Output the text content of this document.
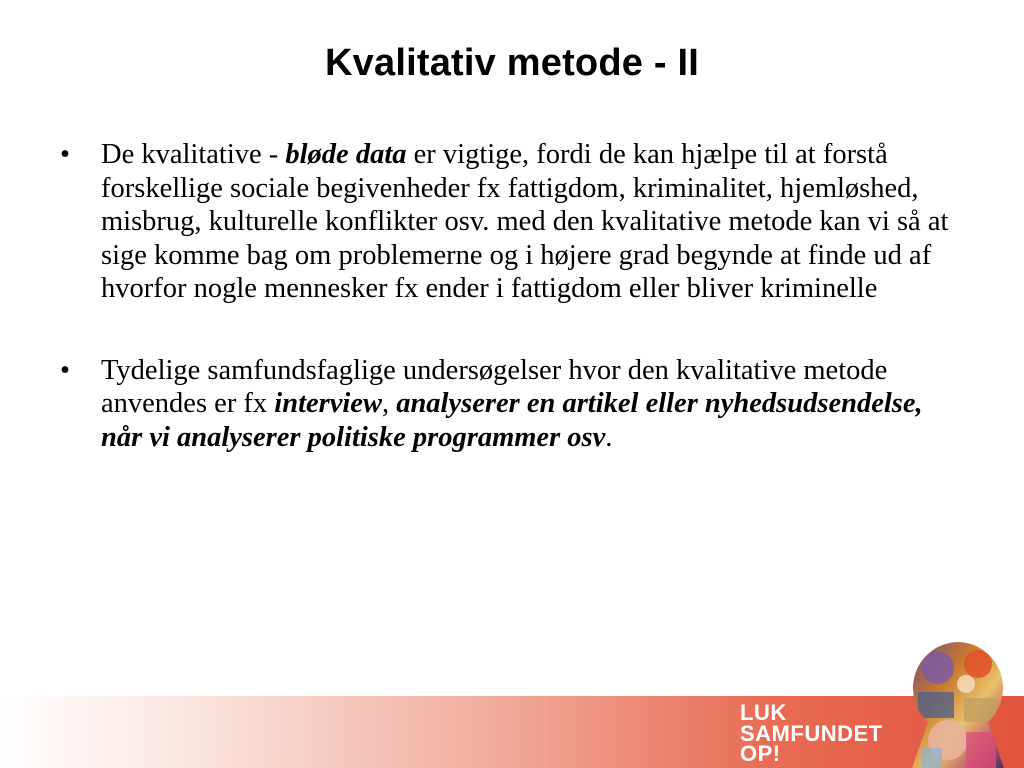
Kvalitativ metode - II
• De kvalitative - bløde data er vigtige, fordi de kan hjælpe til at forstå forskellige sociale begivenheder fx fattigdom, kriminalitet, hjemløshed, misbrug, kulturelle konflikter osv. med den kvalitative metode kan vi så at sige komme bag om problemerne og i højere grad begynde at finde ud af hvorfor nogle mennesker fx ender i fattigdom eller bliver kriminelle
• Tydelige samfundsfaglige undersøgelser hvor den kvalitative metode anvendes er fx interview, analyserer en artikel eller nyhedsudsendelse, når vi analyserer politiske programmer osv.
LUK
SAMFUNDET
OP!
